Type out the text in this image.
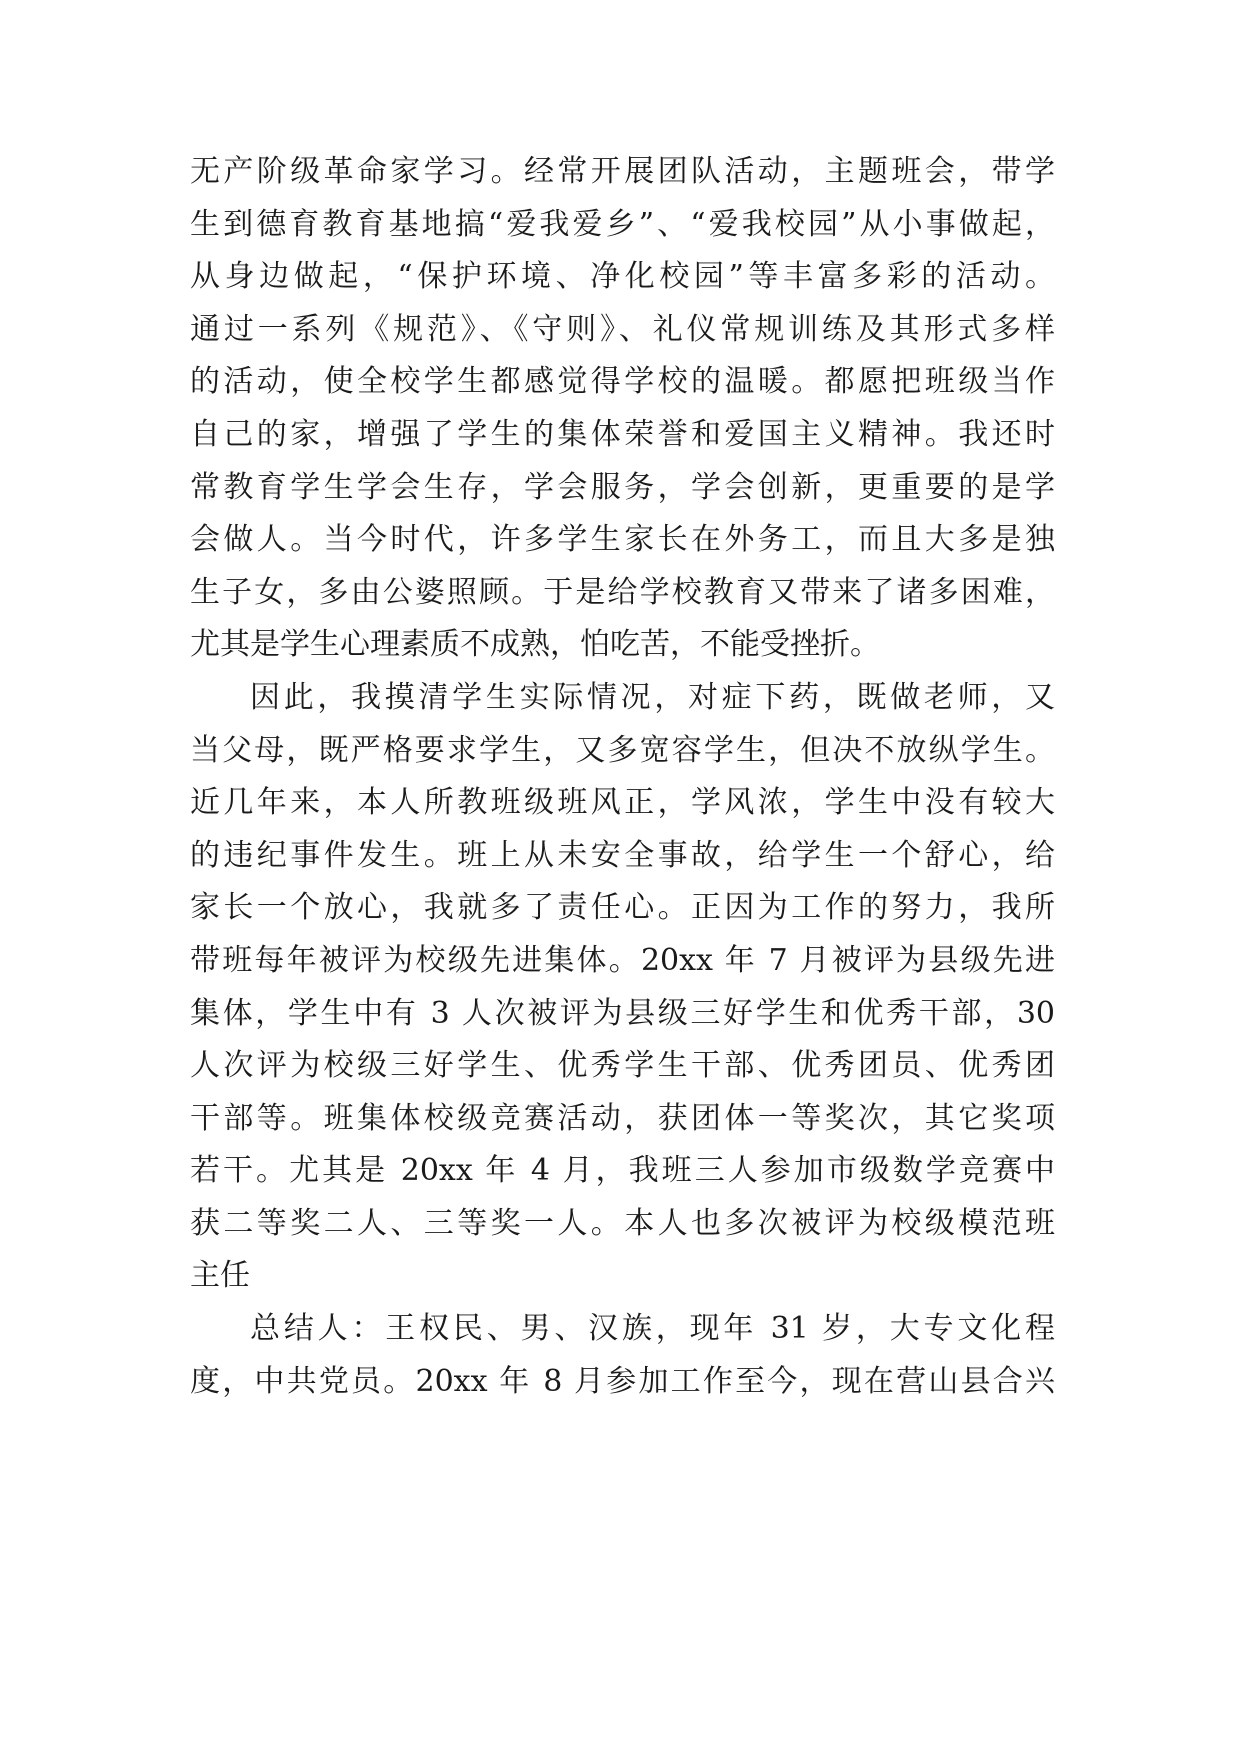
无产阶级革命家学习。经常开展团队活动，主题班会，带学
生到德育教育基地搞“爱我爱乡”、“爱我校园”从小事做起，
从身边做起，“保护环境、净化校园”等丰富多彩的活动。
通过一系列《规范》、《守则》、礼仪常规训练及其形式多样
的活动，使全校学生都感觉得学校的温暖。都愿把班级当作
自己的家，增强了学生的集体荣誉和爱国主义精神。我还时
常教育学生学会生存，学会服务，学会创新，更重要的是学
会做人。当今时代，许多学生家长在外务工，而且大多是独
生子女，多由公婆照顾。于是给学校教育又带来了诸多困难，
尤其是学生心理素质不成熟，怕吃苦，不能受挫折。
因此，我摸清学生实际情况，对症下药，既做老师，又
当父母，既严格要求学生，又多宽容学生，但决不放纵学生。
近几年来，本人所教班级班风正，学风浓，学生中没有较大
的违纪事件发生。班上从未安全事故，给学生一个舒心，给
家长一个放心，我就多了责任心。正因为工作的努力，我所
带班每年被评为校级先进集体。20xx 年 7 月被评为县级先进
集体，学生中有 3 人次被评为县级三好学生和优秀干部，30
人次评为校级三好学生、优秀学生干部、优秀团员、优秀团
干部等。班集体校级竞赛活动，获团体一等奖次，其它奖项
若干。尤其是 20xx 年 4 月，我班三人参加市级数学竞赛中
获二等奖二人、三等奖一人。本人也多次被评为校级模范班
主任
总结人：王权民、男、汉族，现年 31 岁，大专文化程
度，中共党员。20xx 年 8 月参加工作至今，现在营山县合兴
